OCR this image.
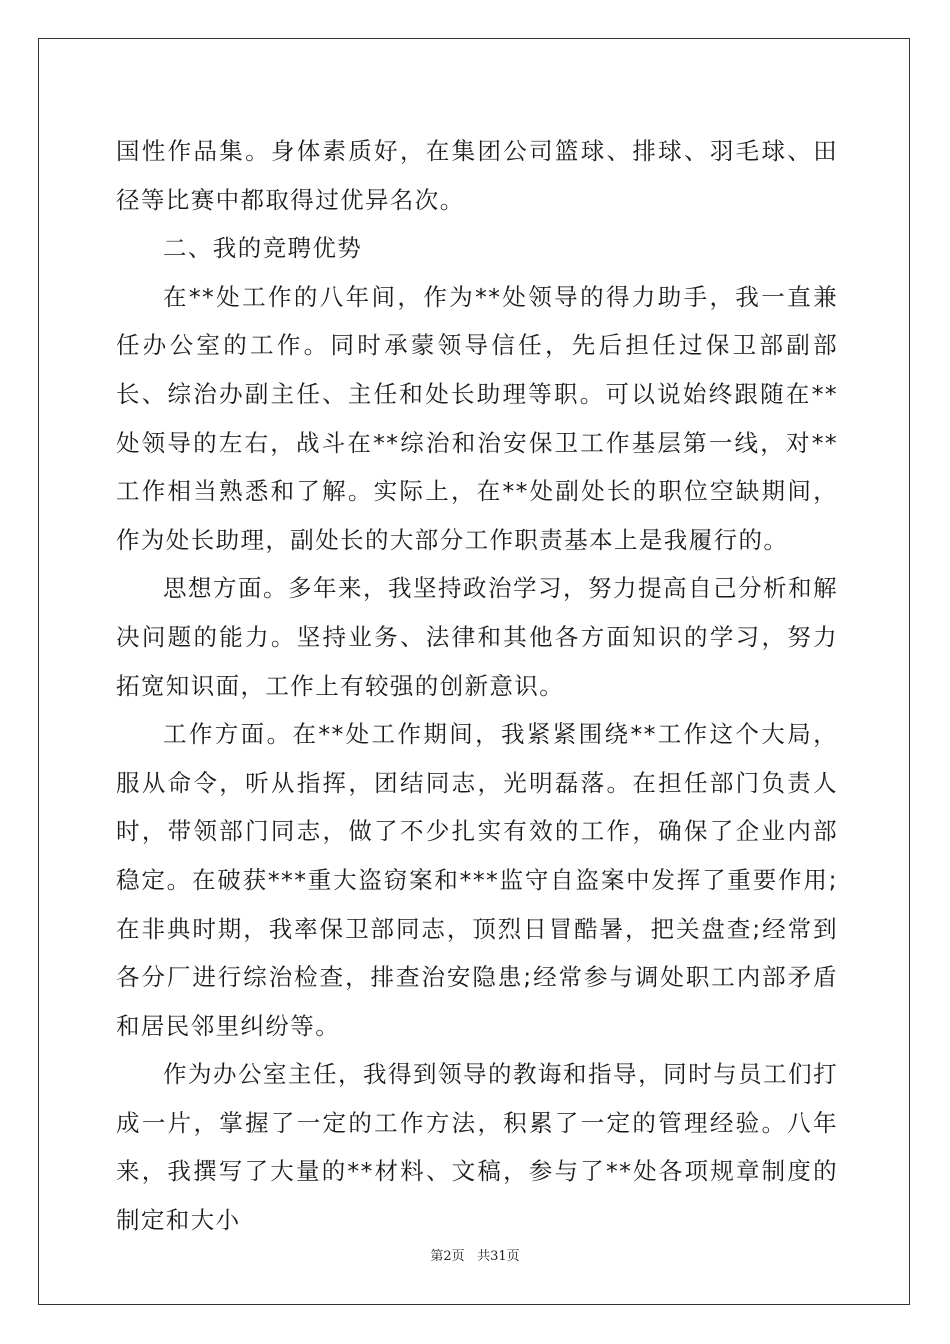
国性作品集。身体素质好，在集团公司篮球、排球、羽毛球、田径等比赛中都取得过优异名次。

二、我的竞聘优势

在**处工作的八年间，作为**处领导的得力助手，我一直兼任办公室的工作。同时承蒙领导信任，先后担任过保卫部副部长、综治办副主任、主任和处长助理等职。可以说始终跟随在**处领导的左右，战斗在**综治和治安保卫工作基层第一线，对**工作相当熟悉和了解。实际上，在**处副处长的职位空缺期间，作为处长助理，副处长的大部分工作职责基本上是我履行的。

思想方面。多年来，我坚持政治学习，努力提高自己分析和解决问题的能力。坚持业务、法律和其他各方面知识的学习，努力拓宽知识面，工作上有较强的创新意识。

工作方面。在**处工作期间，我紧紧围绕**工作这个大局，服从命令，听从指挥，团结同志，光明磊落。在担任部门负责人时，带领部门同志，做了不少扎实有效的工作，确保了企业内部稳定。在破获***重大盗窃案和***监守自盗案中发挥了重要作用;在非典时期，我率保卫部同志，顶烈日冒酷暑，把关盘查;经常到各分厂进行综治检查，排查治安隐患;经常参与调处职工内部矛盾和居民邻里纠纷等。

作为办公室主任，我得到领导的教诲和指导，同时与员工们打成一片，掌握了一定的工作方法，积累了一定的管理经验。八年来，我撰写了大量的**材料、文稿，参与了**处各项规章制度的制定和大小

第2页 共31页
